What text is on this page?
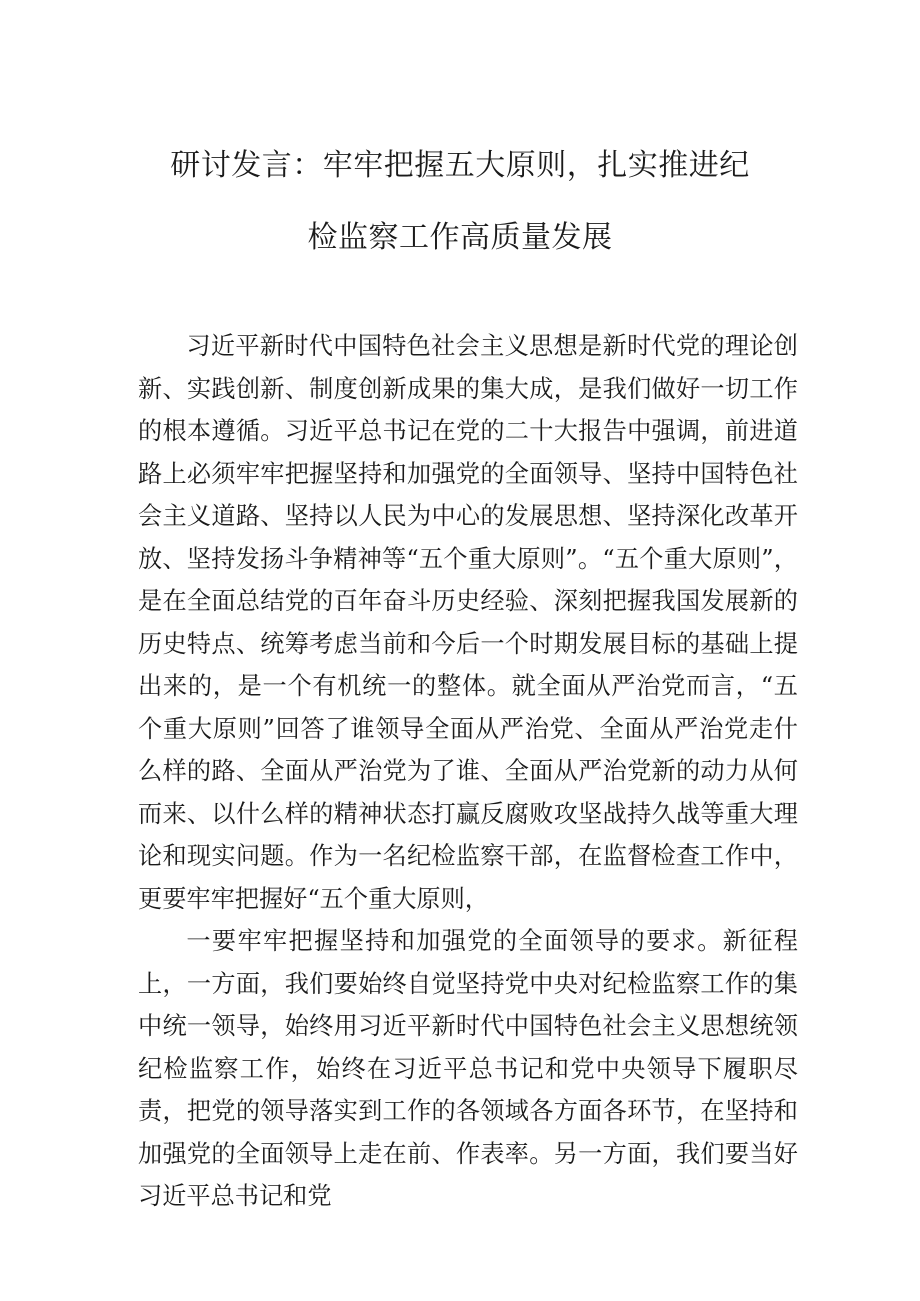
研讨发言：牢牢把握五大原则，扎实推进纪
检监察工作高质量发展

习近平新时代中国特色社会主义思想是新时代党的理论创新、实践创新、制度创新成果的集大成，是我们做好一切工作的根本遵循。习近平总书记在党的二十大报告中强调，前进道路上必须牢牢把握坚持和加强党的全面领导、坚持中国特色社会主义道路、坚持以人民为中心的发展思想、坚持深化改革开放、坚持发扬斗争精神等“五个重大原则”。“五个重大原则”，是在全面总结党的百年奋斗历史经验、深刻把握我国发展新的历史特点、统筹考虑当前和今后一个时期发展目标的基础上提出来的，是一个有机统一的整体。就全面从严治党而言，“五个重大原则”回答了谁领导全面从严治党、全面从严治党走什么样的路、全面从严治党为了谁、全面从严治党新的动力从何而来、以什么样的精神状态打赢反腐败攻坚战持久战等重大理论和现实问题。作为一名纪检监察干部，在监督检查工作中，更要牢牢把握好“五个重大原则，

一要牢牢把握坚持和加强党的全面领导的要求。新征程上，一方面，我们要始终自觉坚持党中央对纪检监察工作的集中统一领导，始终用习近平新时代中国特色社会主义思想统领纪检监察工作，始终在习近平总书记和党中央领导下履职尽责，把党的领导落实到工作的各领域各方面各环节，在坚持和加强党的全面领导上走在前、作表率。另一方面，我们要当好习近平总书记和党
